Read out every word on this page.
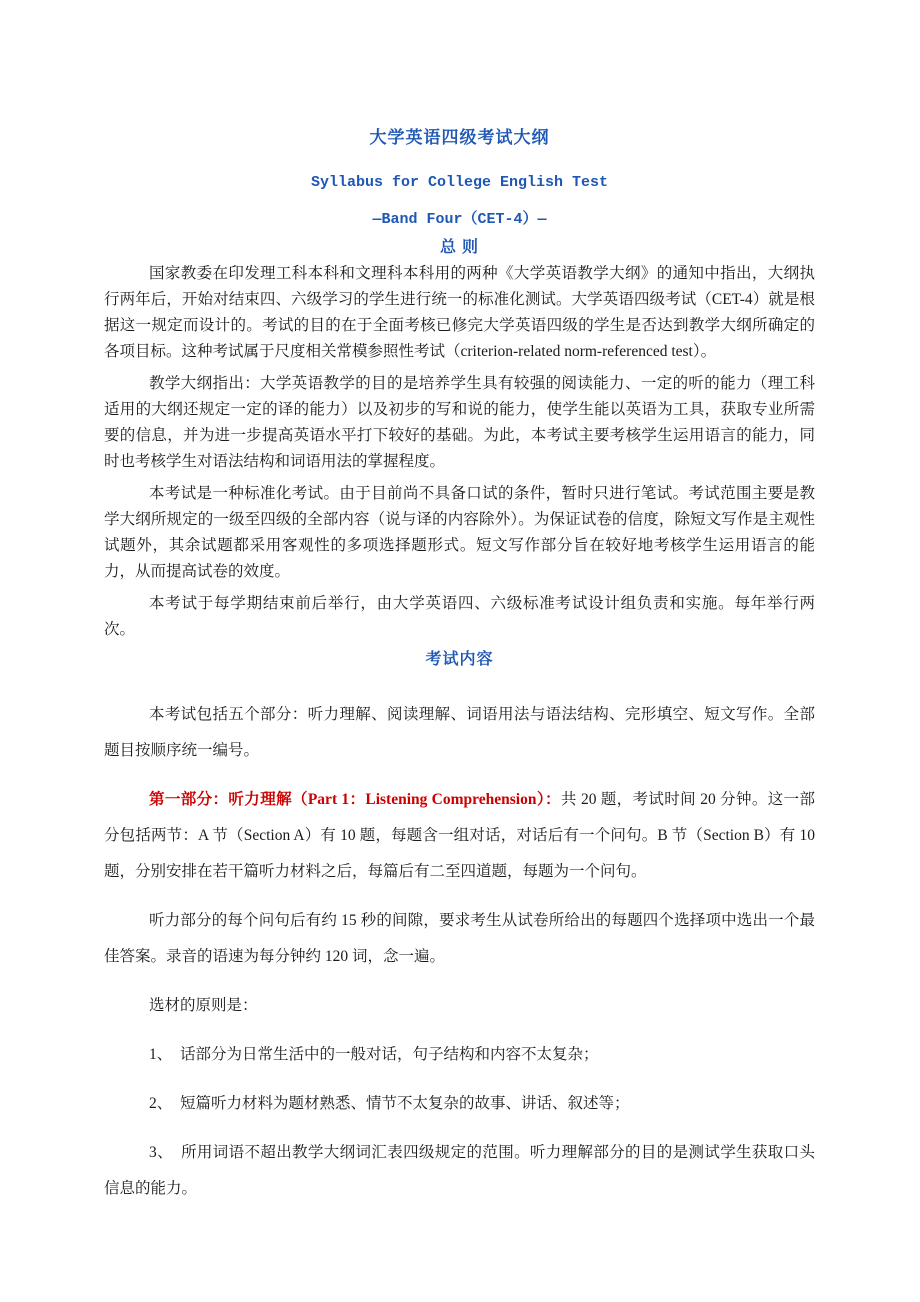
大学英语四级考试大纲
Syllabus for College English Test
—Band Four（CET-4）—
总 则

国家教委在印发理工科本科和文理科本科用的两种《大学英语教学大纲》的通知中指出，大纲执行两年后，开始对结束四、六级学习的学生进行统一的标准化测试。大学英语四级考试（CET-4）就是根据这一规定而设计的。考试的目的在于全面考核已修完大学英语四级的学生是否达到教学大纲所确定的各项目标。这种考试属于尺度相关常模参照性考试（criterion-related norm-referenced test）。

教学大纲指出：大学英语教学的目的是培养学生具有较强的阅读能力、一定的听的能力（理工科适用的大纲还规定一定的译的能力）以及初步的写和说的能力，使学生能以英语为工具，获取专业所需要的信息，并为进一步提高英语水平打下较好的基础。为此，本考试主要考核学生运用语言的能力，同时也考核学生对语法结构和词语用法的掌握程度。

本考试是一种标准化考试。由于目前尚不具备口试的条件，暂时只进行笔试。考试范围主要是教学大纲所规定的一级至四级的全部内容（说与译的内容除外）。为保证试卷的信度，除短文写作是主观性试题外，其余试题都采用客观性的多项选择题形式。短文写作部分旨在较好地考核学生运用语言的能力，从而提高试卷的效度。

本考试于每学期结束前后举行，由大学英语四、六级标准考试设计组负责和实施。每年举行两次。

考试内容

本考试包括五个部分：听力理解、阅读理解、词语用法与语法结构、完形填空、短文写作。全部题目按顺序统一编号。

第一部分：听力理解（Part 1：Listening Comprehension）：共 20 题，考试时间 20 分钟。这一部分包括两节：A 节（Section A）有 10 题，每题含一组对话，对话后有一个问句。B 节（Section B）有 10 题，分别安排在若干篇听力材料之后，每篇后有二至四道题，每题为一个问句。

听力部分的每个问句后有约 15 秒的间隙，要求考生从试卷所给出的每题四个选择项中选出一个最佳答案。录音的语速为每分钟约 120 词，念一遍。

选材的原则是：

1、　话部分为日常生活中的一般对话，句子结构和内容不太复杂；

2、　短篇听力材料为题材熟悉、情节不太复杂的故事、讲话、叙述等；

3、　所用词语不超出教学大纲词汇表四级规定的范围。听力理解部分的目的是测试学生获取口头信息的能力。
